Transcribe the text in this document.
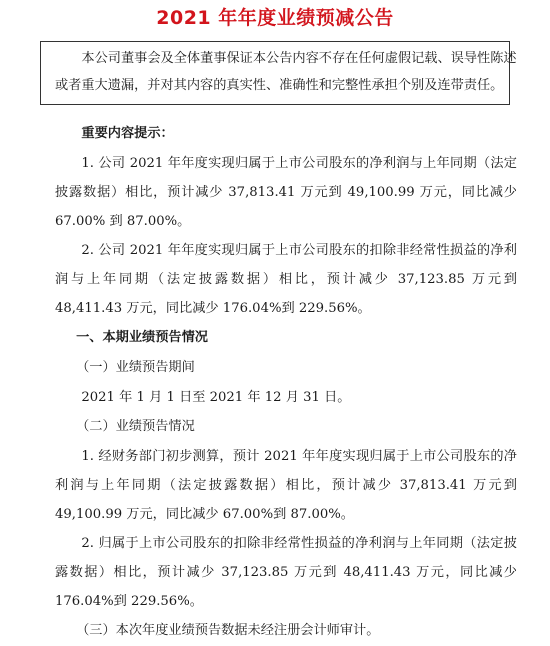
2021 年年度业绩预减公告
本公司董事会及全体董事保证本公告内容不存在任何虚假记载、误导性陈述
或者重大遗漏，并对其内容的真实性、准确性和完整性承担个别及连带责任。

重要内容提示：

1. 公司 2021 年年度实现归属于上市公司股东的净利润与上年同期（法定披露数据）相比，预计减少 37,813.41 万元到 49,100.99 万元，同比减少 67.00% 到 87.00%。

2. 公司 2021 年年度实现归属于上市公司股东的扣除非经常性损益的净利润与上年同期（法定披露数据）相比，预计减少 37,123.85 万元到 48,411.43 万元，同比减少 176.04%到 229.56%。

一、本期业绩预告情况

（一）业绩预告期间

2021 年 1 月 1 日至 2021 年 12 月 31 日。

（二）业绩预告情况

1. 经财务部门初步测算，预计 2021 年年度实现归属于上市公司股东的净利润与上年同期（法定披露数据）相比，预计减少 37,813.41 万元到 49,100.99 万元，同比减少 67.00%到 87.00%。

2. 归属于上市公司股东的扣除非经常性损益的净利润与上年同期（法定披露数据）相比，预计减少 37,123.85 万元到 48,411.43 万元，同比减少 176.04%到 229.56%。

（三）本次年度业绩预告数据未经注册会计师审计。
